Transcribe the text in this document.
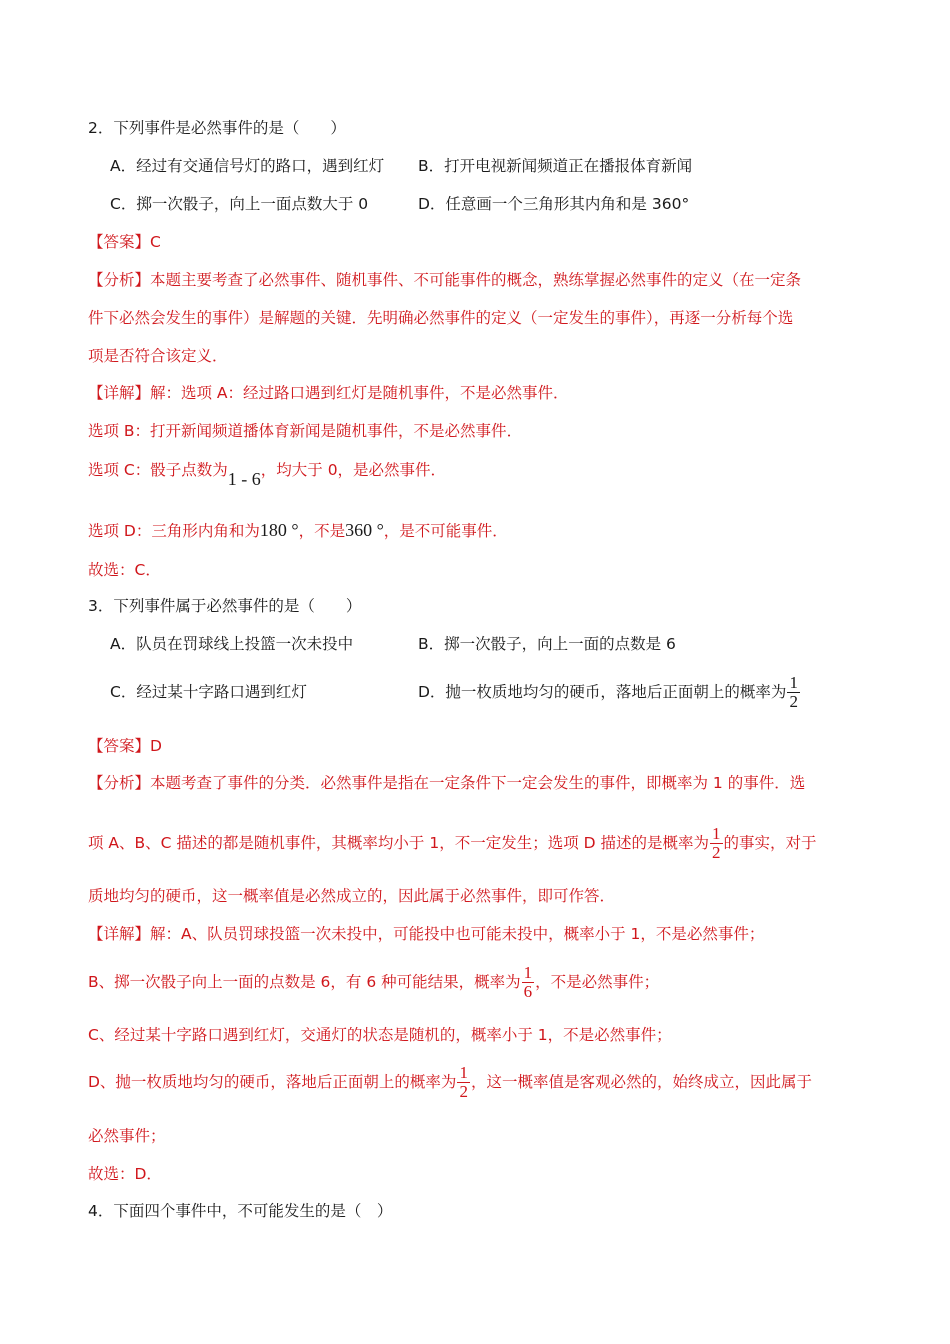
2．下列事件是必然事件的是（　　）
A．经过有交通信号灯的路口，遇到红灯 B．打开电视新闻频道正在播报体育新闻
C．掷一次骰子，向上一面点数大于 0	D．任意画一个三角形其内角和是 360°
【答案】C
【分析】本题主要考查了必然事件、随机事件、不可能事件的概念，熟练掌握必然事件的定义（在一定条
件下必然会发生的事件）是解题的关键．先明确必然事件的定义（一定发生的事件），再逐一分析每个选
项是否符合该定义．
【详解】解：选项 A：经过路口遇到红灯是随机事件，不是必然事件．
选项 B：打开新闻频道播体育新闻是随机事件，不是必然事件．
选项 C：骰子点数为1 - 6，均大于 0，是必然事件．
选项 D：三角形内角和为180 °，不是360 °，是不可能事件．
故选：C．
3．下列事件属于必然事件的是（　　）
A．队员在罚球线上投篮一次未投中	B．掷一次骰子，向上一面的点数是 6
C．经过某十字路口遇到红灯	D．抛一枚质地均匀的硬币，落地后正面朝上的概率为 $\frac{1}{2}$
【答案】D
【分析】本题考查了事件的分类．必然事件是指在一定条件下一定会发生的事件，即概率为 1 的事件．选
项 A、B、C 描述的都是随机事件，其概率均小于 1，不一定发生；选项 D 描述的是概率为 $\frac{1}{2}$ 的事实，对于
质地均匀的硬币，这一概率值是必然成立的，因此属于必然事件，即可作答．
【详解】解：A、队员罚球投篮一次未投中，可能投中也可能未投中，概率小于 1，不是必然事件；
B、掷一次骰子向上一面的点数是 6，有 6 种可能结果，概率为 $\frac{1}{6}$ ，不是必然事件；
C、经过某十字路口遇到红灯，交通灯的状态是随机的，概率小于 1，不是必然事件；
D、抛一枚质地均匀的硬币，落地后正面朝上的概率为 $\frac{1}{2}$ ，这一概率值是客观必然的，始终成立，因此属于
必然事件；
故选：D．
4．下面四个事件中，不可能发生的是（　）
